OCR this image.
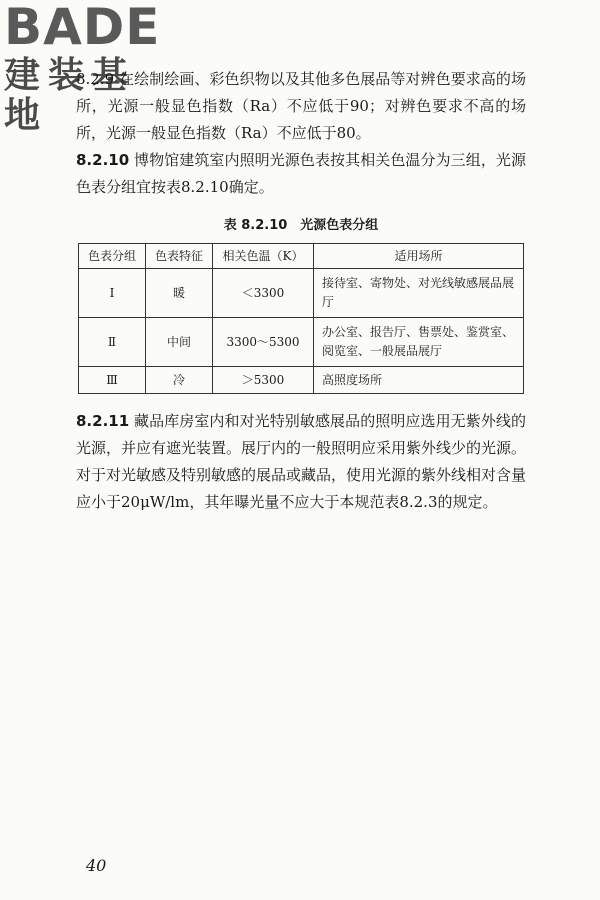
BADE
建装基地

8.2.9 在绘制绘画、彩色织物以及其他多色展品等对辨色要求高的场所，光源一般显色指数（Ra）不应低于90；对辨色要求不高的场所，光源一般显色指数（Ra）不应低于80。

8.2.10 博物馆建筑室内照明光源色表按其相关色温分为三组，光源色表分组宜按表8.2.10确定。

表 8.2.10　光源色表分组
色表分组	色表特征	相关色温（K）	适用场所
Ⅰ	暖	＜3300	接待室、寄物处、对光线敏感展品展厅
Ⅱ	中间	3300～5300	办公室、报告厅、售票处、鉴赏室、阅览室、一般展品展厅
Ⅲ	冷	＞5300	高照度场所

8.2.11 藏品库房室内和对光特别敏感展品的照明应选用无紫外线的光源，并应有遮光装置。展厅内的一般照明应采用紫外线少的光源。对于对光敏感及特别敏感的展品或藏品，使用光源的紫外线相对含量应小于20μW/lm，其年曝光量不应大于本规范表8.2.3的规定。

40
